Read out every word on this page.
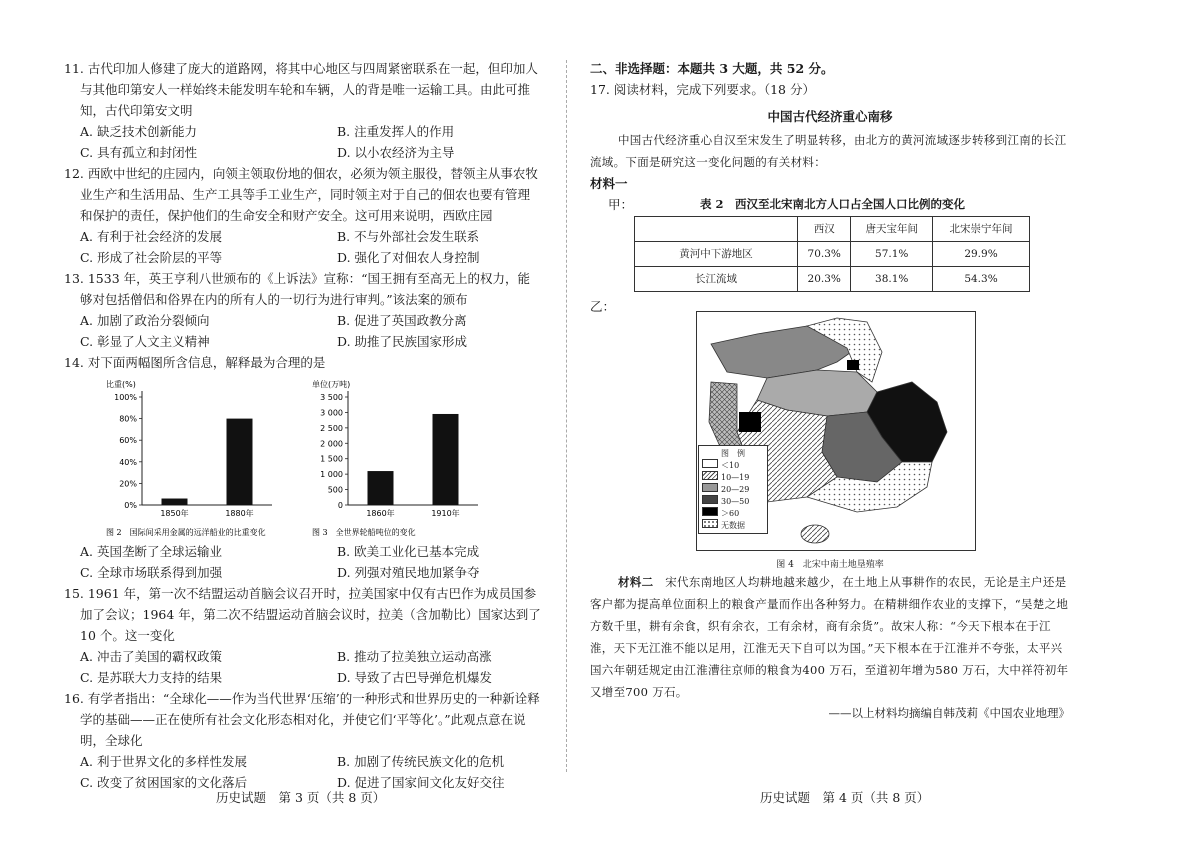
11. 古代印加人修建了庞大的道路网，将其中心地区与四周紧密联系在一起，但印加人与其他印第安人一样始终未能发明车轮和车辆，人的背是唯一运输工具。由此可推知，古代印第安文明
A. 缺乏技术创新能力	B. 注重发挥人的作用
C. 具有孤立和封闭性	D. 以小农经济为主导
12. 西欧中世纪的庄园内，向领主领取份地的佃农，必须为领主服役，替领主从事农牧业生产和生活用品、生产工具等手工业生产，同时领主对于自己的佃农也要有管理和保护的责任，保护他们的生命安全和财产安全。这可用来说明，西欧庄园
A. 有利于社会经济的发展	B. 不与外部社会发生联系
C. 形成了社会阶层的平等	D. 强化了对佃农人身控制
13. 1533 年，英王亨利八世颁布的《上诉法》宣称：“国王拥有至高无上的权力，能够对包括僧侣和俗界在内的所有人的一切行为进行审判。”该法案的颁布
A. 加剧了政治分裂倾向	B. 促进了英国政教分离
C. 彰显了人文主义精神	D. 助推了民族国家形成
14. 对下面两幅图所含信息，解释最为合理的是
比重(%)
0%
20%
40%
60%
80%
100%
1850年	1880年
图 2　国际间采用金属的远洋船业的比重变化
单位(万吨)
0
500
1 000
1 500
2 000
2 500
3 000
3 500
1860年	1910年
图 3　全世界轮船吨位的变化
A. 英国垄断了全球运输业	B. 欧美工业化已基本完成
C. 全球市场联系得到加强	D. 列强对殖民地加紧争夺
15. 1961 年，第一次不结盟运动首脑会议召开时，拉美国家中仅有古巴作为成员国参加了会议；1964 年，第二次不结盟运动首脑会议时，拉美（含加勒比）国家达到了 10 个。这一变化
A. 冲击了美国的霸权政策	B. 推动了拉美独立运动高涨
C. 是苏联大力支持的结果	D. 导致了古巴导弹危机爆发
16. 有学者指出：“全球化——作为当代世界‘压缩’的一种形式和世界历史的一种新诠释学的基础——正在使所有社会文化形态相对化，并使它们‘平等化’。”此观点意在说明，全球化
A. 利于世界文化的多样性发展	B. 加剧了传统民族文化的危机
C. 改变了贫困国家的文化落后	D. 促进了国家间文化友好交往
二、非选择题：本题共 3 大题，共 52 分。
17. 阅读材料，完成下列要求。（18 分）
中国古代经济重心南移
中国古代经济重心自汉至宋发生了明显转移，由北方的黄河流域逐步转移到江南的长江流域。下面是研究这一变化问题的有关材料：
材料一
甲：	表 2　西汉至北宋南北方人口占全国人口比例的变化
	西汉	唐天宝年间	北宋崇宁年间
黄河中下游地区	70.3%	57.1%	29.9%
长江流域	20.3%	38.1%	54.3%
乙：
图　例
＜10
10—19
20—29
30—50
＞60
无数据
图 4　北宋中南土地垦殖率
材料二　 宋代东南地区人均耕地越来越少，在土地上从事耕作的农民，无论是主户还是客户都为提高单位面积上的粮食产量而作出各种努力。在精耕细作农业的支撑下，“吴楚之地方数千里，耕有余食，织有余衣，工有余材，商有余货”。故宋人称：“今天下根本在于江淮，天下无江淮不能以足用，江淮无天下自可以为国。”天下根本在于江淮并不夸张，太平兴国六年朝廷规定由江淮漕往京师的粮食为400 万石，至道初年增为580 万石，大中祥符初年又增至700 万石。
——以上材料均摘编自韩茂莉《中国农业地理》
历史试题　第 3 页（共 8 页）	历史试题　第 4 页（共 8 页）
